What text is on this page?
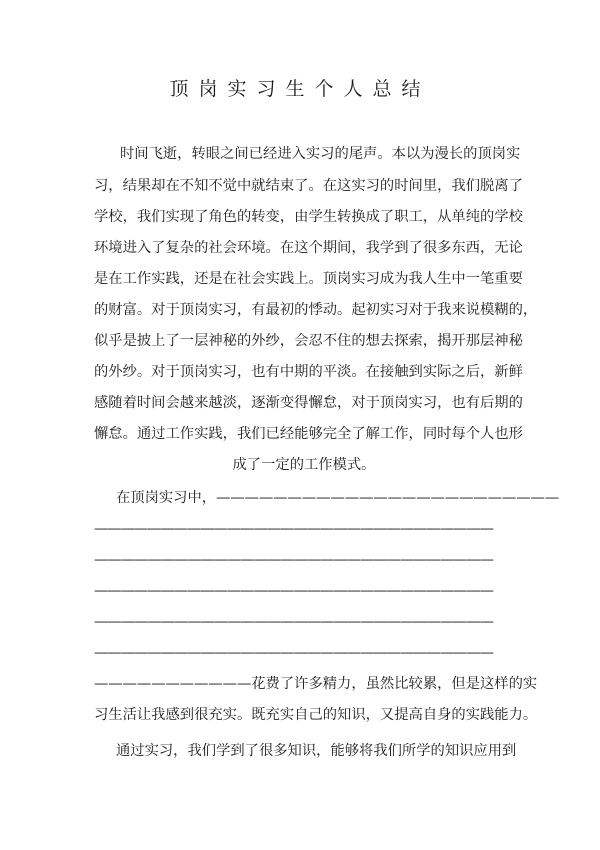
顶岗实习生个人总结
时间飞逝，转眼之间已经进入实习的尾声。本以为漫长的顶岗实
习，结果却在不知不觉中就结束了。在这实习的时间里，我们脱离了
学校，我们实现了角色的转变，由学生转换成了职工，从单纯的学校
环境进入了复杂的社会环境。在这个期间，我学到了很多东西，无论
是在工作实践，还是在社会实践上。顶岗实习成为我人生中一笔重要
的财富。对于顶岗实习，有最初的悸动。起初实习对于我来说模糊的，
似乎是披上了一层神秘的外纱，会忍不住的想去探索，揭开那层神秘
的外纱。对于顶岗实习，也有中期的平淡。在接触到实际之后，新鲜
感随着时间会越来越淡，逐渐变得懈怠，对于顶岗实习，也有后期的
懈怠。通过工作实践，我们已经能够完全了解工作，同时每个人也形
成了一定的工作模式。
在顶岗实习中，————————————————————————
——————————————————————————————
——————————————————————————————
——————————————————————————————
——————————————————————————————
——————————————————————————————
———————————花费了许多精力，虽然比较累，但是这样的实
习生活让我感到很充实。既充实自己的知识，又提高自身的实践能力。
通过实习，我们学到了很多知识，能够将我们所学的知识应用到
